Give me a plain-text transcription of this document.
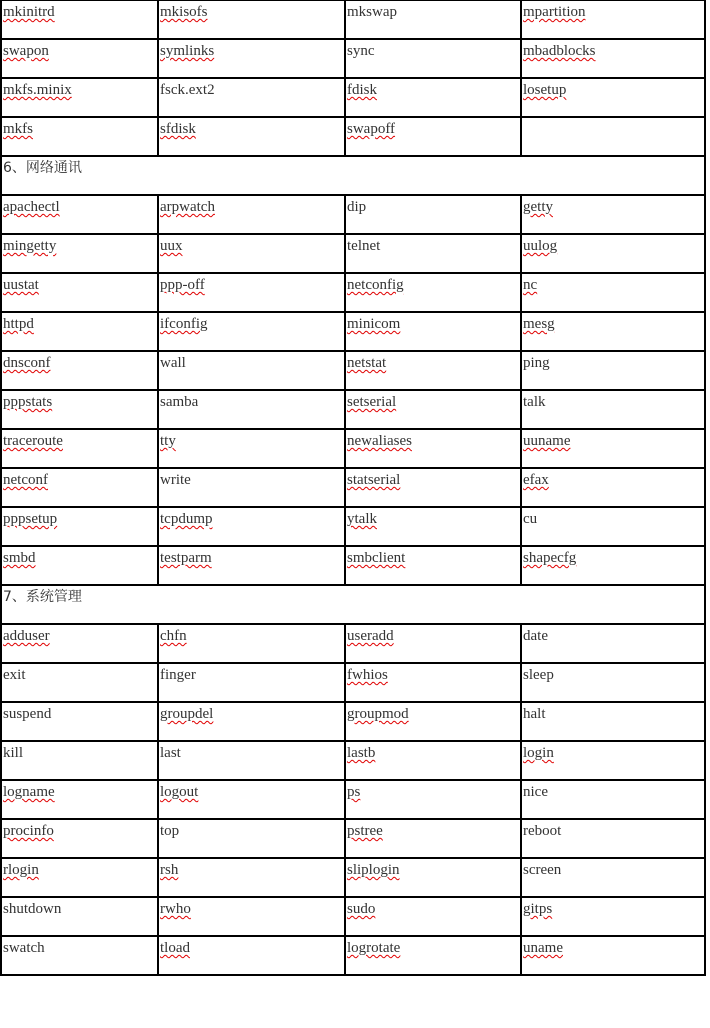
mkinitrd	mkisofs	mkswap	mpartition
swapon	symlinks	sync	mbadblocks
mkfs.minix	fsck.ext2	fdisk	losetup
mkfs	sfdisk	swapoff	
6、网络通讯			
apachectl	arpwatch	dip	getty
mingetty	uux	telnet	uulog
uustat	ppp-off	netconfig	nc
httpd	ifconfig	minicom	mesg
dnsconf	wall	netstat	ping
pppstats	samba	setserial	talk
traceroute	tty	newaliases	uuname
netconf	write	statserial	efax
pppsetup	tcpdump	ytalk	cu
smbd	testparm	smbclient	shapecfg
7、系统管理			
adduser	chfn	useradd	date
exit	finger	fwhios	sleep
suspend	groupdel	groupmod	halt
kill	last	lastb	login
logname	logout	ps	nice
procinfo	top	pstree	reboot
rlogin	rsh	sliplogin	screen
shutdown	rwho	sudo	gitps
swatch	tload	logrotate	uname
